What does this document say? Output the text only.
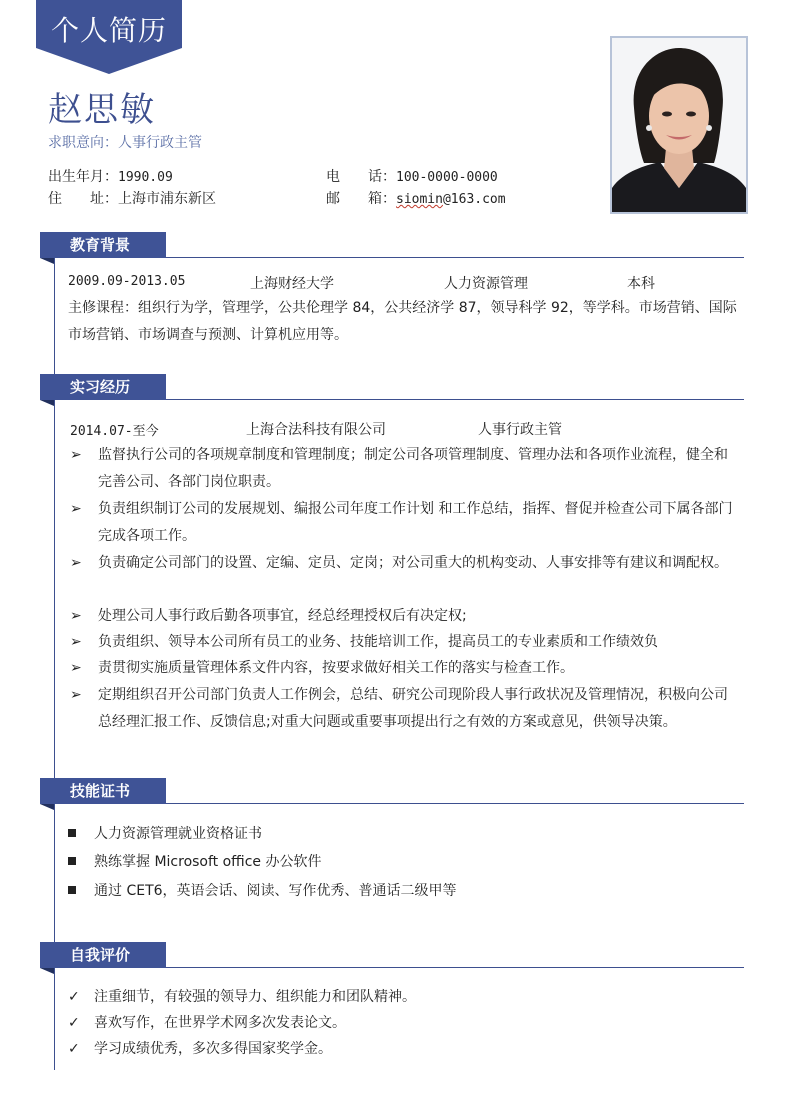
个人简历
赵思敏
求职意向：人事行政主管
出生年月：1990.09	电　　话：100-0000-0000
住　　址：上海市浦东新区	邮　　箱：siomin@163.com
教育背景
2009.09-2013.05	上海财经大学	人力资源管理	本科
主修课程：组织行为学，管理学，公共伦理学 84，公共经济学 87，领导科学 92，等学科。市场营销、国际市场营销、市场调查与预测、计算机应用等。
实习经历
2014.07-至今	上海合法科技有限公司	人事行政主管
➢	监督执行公司的各项规章制度和管理制度；制定公司各项管理制度、管理办法和各项作业流程，健全和完善公司、各部门岗位职责。
➢	负责组织制订公司的发展规划、编报公司年度工作计划 和工作总结，指挥、督促并检查公司下属各部门完成各项工作。
➢	负责确定公司部门的设置、定编、定员、定岗；对公司重大的机构变动、人事安排等有建议和调配权。
➢	处理公司人事行政后勤各项事宜，经总经理授权后有决定权;
➢	负责组织、领导本公司所有员工的业务、技能培训工作，提高员工的专业素质和工作绩效负
➢	责贯彻实施质量管理体系文件内容，按要求做好相关工作的落实与检查工作。
➢	定期组织召开公司部门负责人工作例会，总结、研究公司现阶段人事行政状况及管理情况，积极向公司总经理汇报工作、反馈信息;对重大问题或重要事项提出行之有效的方案或意见，供领导决策。
技能证书
人力资源管理就业资格证书
熟练掌握 Microsoft office 办公软件
通过 CET6，英语会话、阅读、写作优秀、普通话二级甲等
自我评价
✓ 注重细节，有较强的领导力、组织能力和团队精神。
✓ 喜欢写作，在世界学术网多次发表论文。
✓ 学习成绩优秀，多次多得国家奖学金。
